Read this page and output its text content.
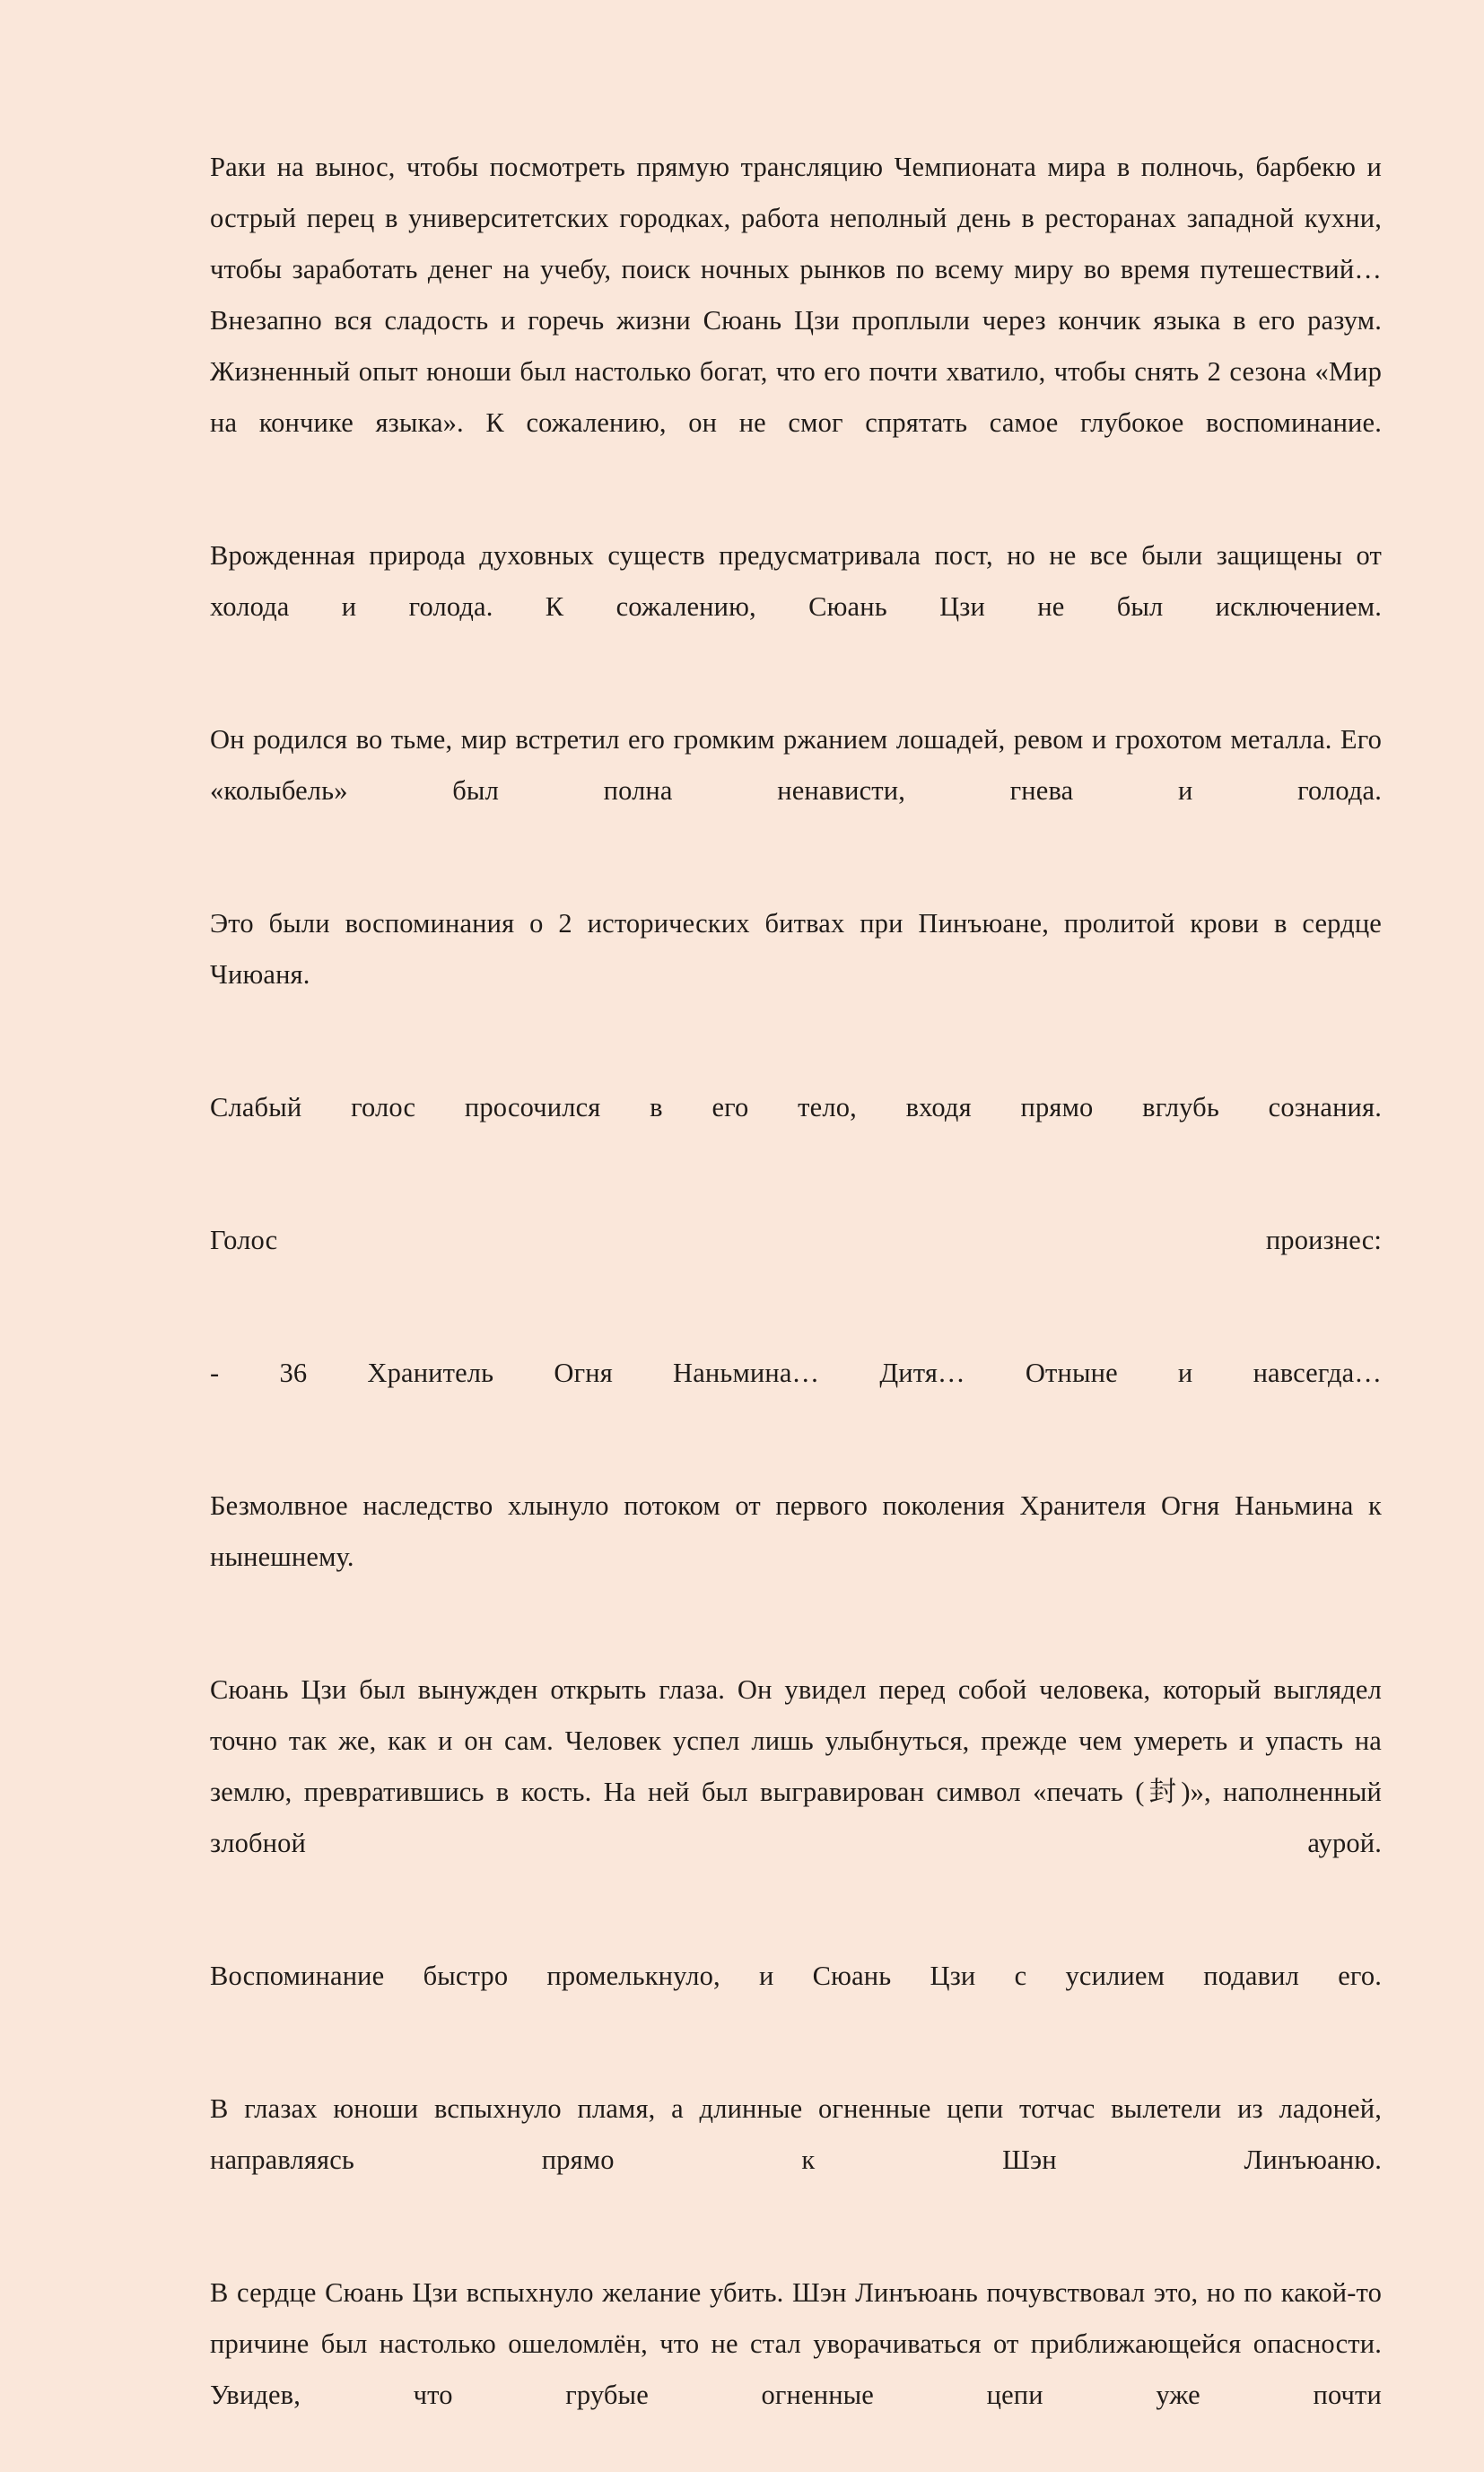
Раки на вынос, чтобы посмотреть прямую трансляцию Чемпионата мира в полночь, барбекю и острый перец в университетских городках, работа неполный день в ресторанах западной кухни, чтобы заработать денег на учебу, поиск ночных рынков по всему миру во время путешествий… Внезапно вся сладость и горечь жизни Сюань Цзи проплыли через кончик языка в его разум. Жизненный опыт юноши был настолько богат, что его почти хватило, чтобы снять 2 сезона «Мир на кончике языка». К сожалению, он не смог спрятать самое глубокое воспоминание.

Врожденная природа духовных существ предусматривала пост, но не все были защищены от холода и голода. К сожалению, Сюань Цзи не был исключением.

Он родился во тьме, мир встретил его громким ржанием лошадей, ревом и грохотом металла. Его «колыбель» был полна ненависти, гнева и голода.

Это были воспоминания о 2 исторических битвах при Пинъюане, пролитой крови в сердце Чиюаня.

Слабый голос просочился в его тело, входя прямо вглубь сознания.

Голос произнес:

- 36 Хранитель Огня Наньмина… Дитя… Отныне и навсегда…

Безмолвное наследство хлынуло потоком от первого поколения Хранителя Огня Наньмина к нынешнему.

Сюань Цзи был вынужден открыть глаза. Он увидел перед собой человека, который выглядел точно так же, как и он сам. Человек успел лишь улыбнуться, прежде чем умереть и упасть на землю, превратившись в кость. На ней был выгравирован символ «печать (封)», наполненный злобной аурой.

Воспоминание быстро промелькнуло, и Сюань Цзи с усилием подавил его.

В глазах юноши вспыхнуло пламя, а длинные огненные цепи тотчас вылетели из ладоней, направляясь прямо к Шэн Линъюаню.

В сердце Сюань Цзи вспыхнуло желание убить. Шэн Линъюань почувствовал это, но по какой-то причине был настолько ошеломлён, что не стал уворачиваться от приближающейся опасности. Увидев, что грубые огненные цепи уже почти
